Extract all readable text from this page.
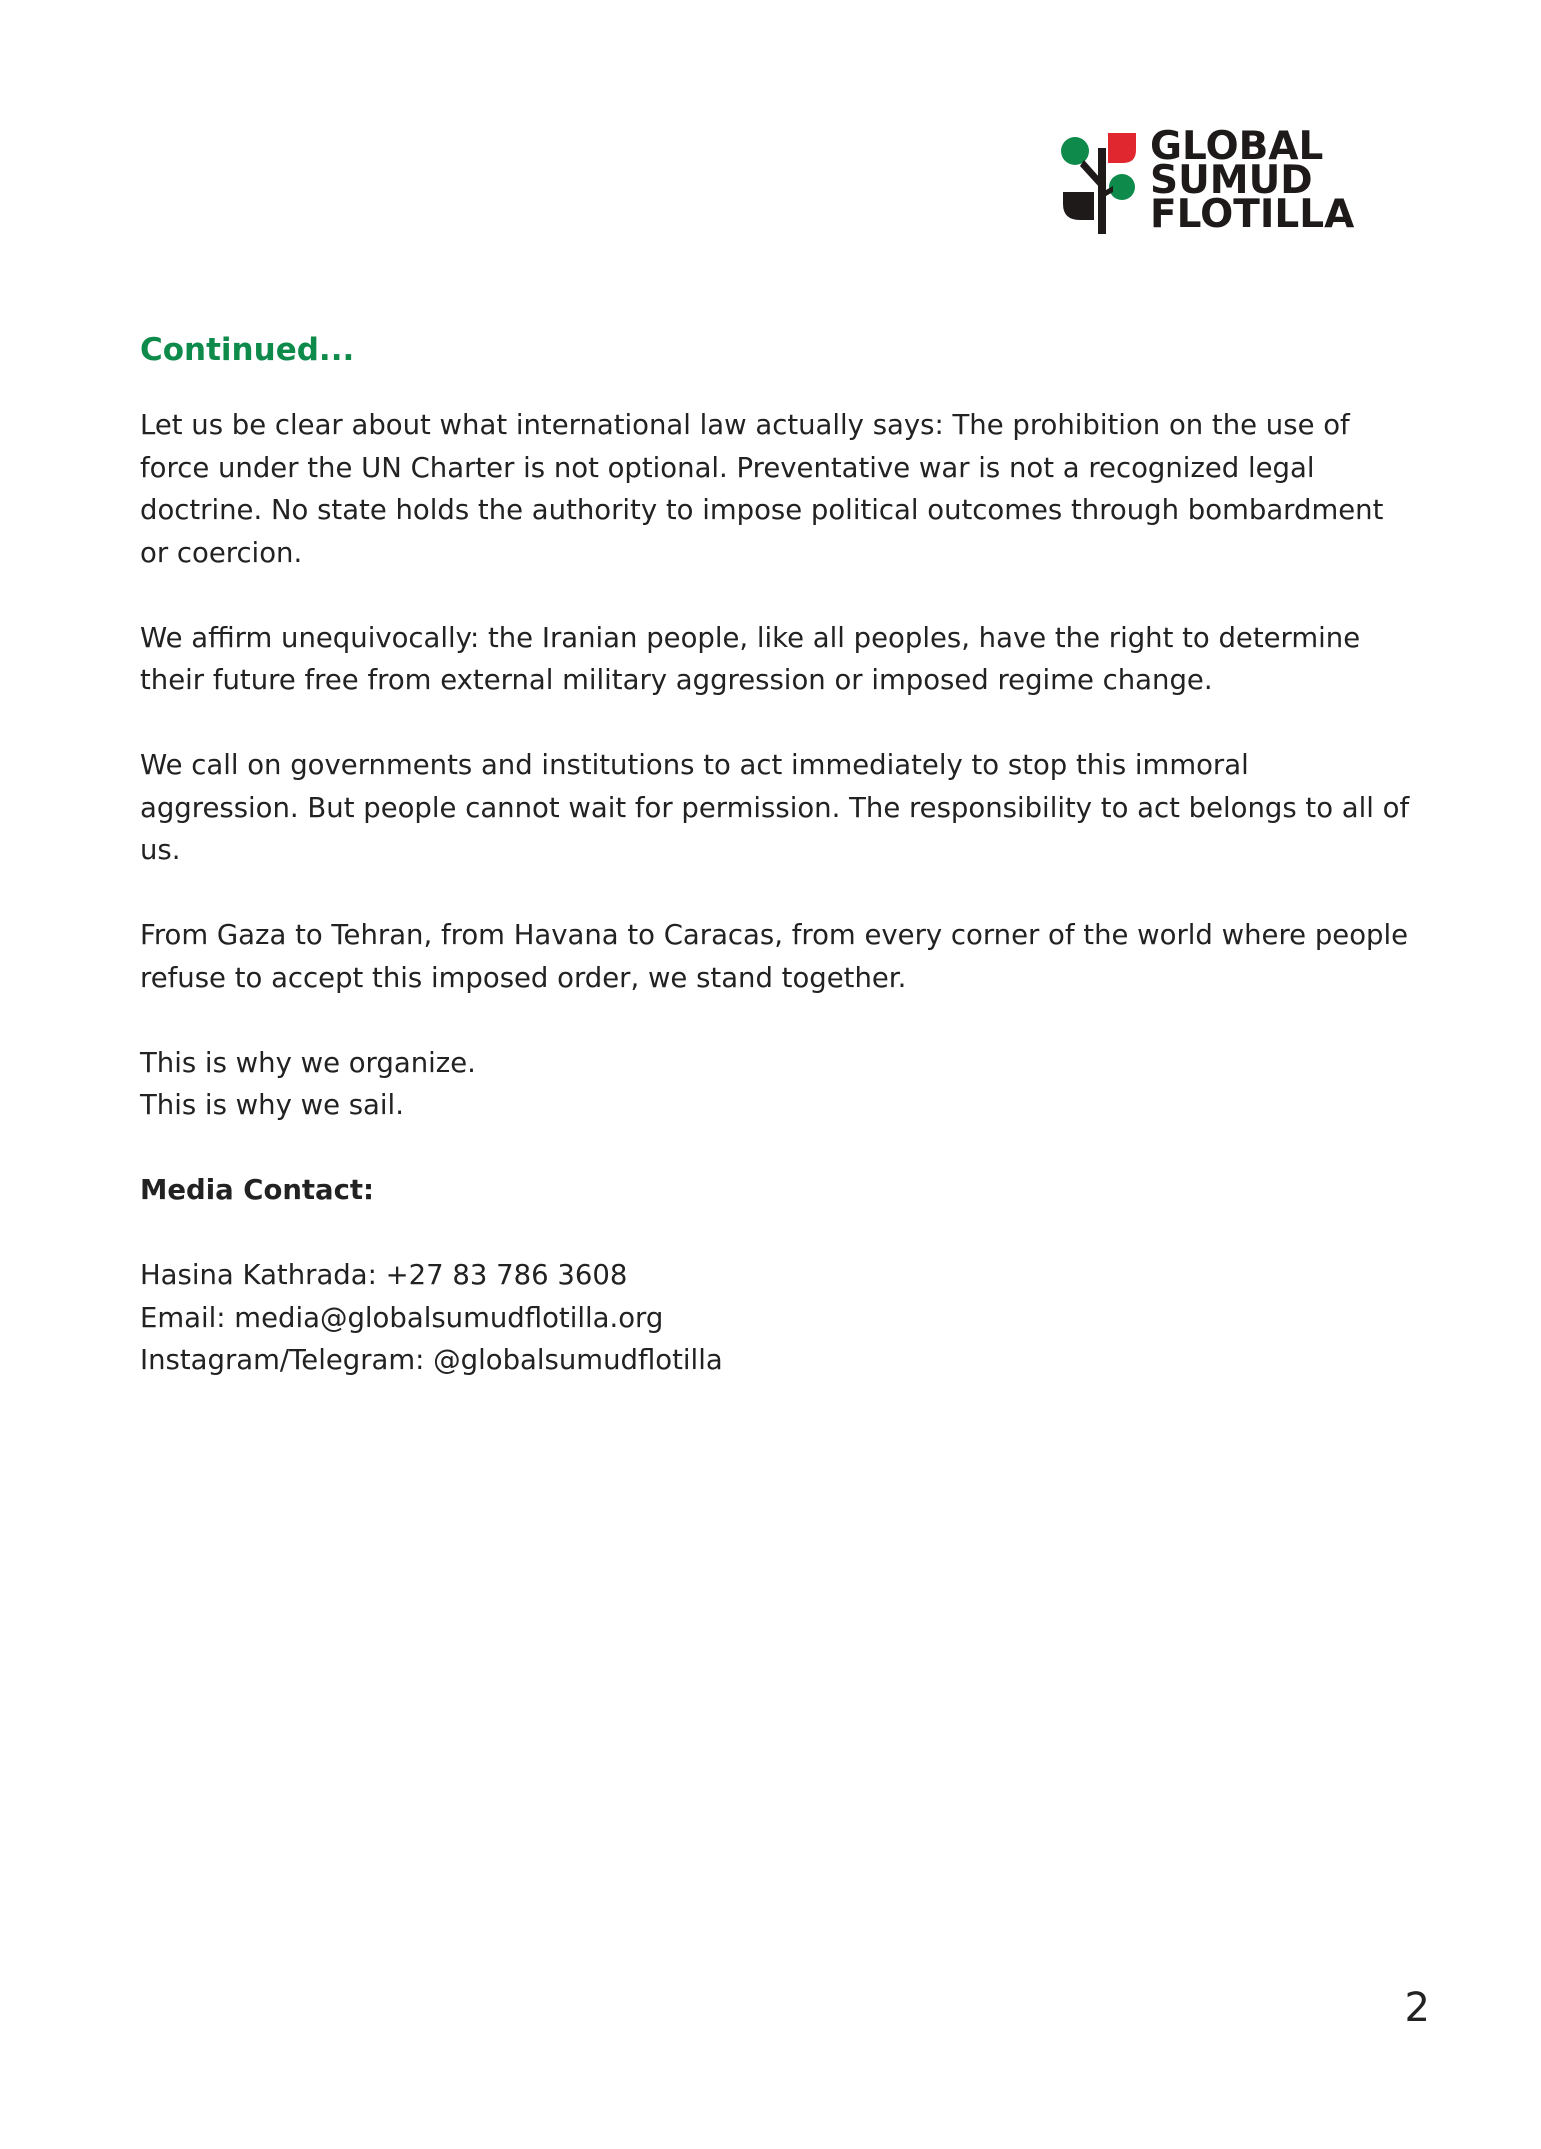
GLOBAL
SUMUD
FLOTILLA
Continued...

Let us be clear about what international law actually says: The prohibition on the use of force under the UN Charter is not optional. Preventative war is not a recognized legal doctrine. No state holds the authority to impose political outcomes through bombardment or coercion.

We affirm unequivocally: the Iranian people, like all peoples, have the right to determine their future free from external military aggression or imposed regime change.

We call on governments and institutions to act immediately to stop this immoral aggression. But people cannot wait for permission. The responsibility to act belongs to all of us.

From Gaza to Tehran, from Havana to Caracas, from every corner of the world where people refuse to accept this imposed order, we stand together.

This is why we organize.
This is why we sail.
Media Contact:
Hasina Kathrada: +27 83 786 3608
Email: media@globalsumudflotilla.org
Instagram/Telegram: @globalsumudflotilla
2
